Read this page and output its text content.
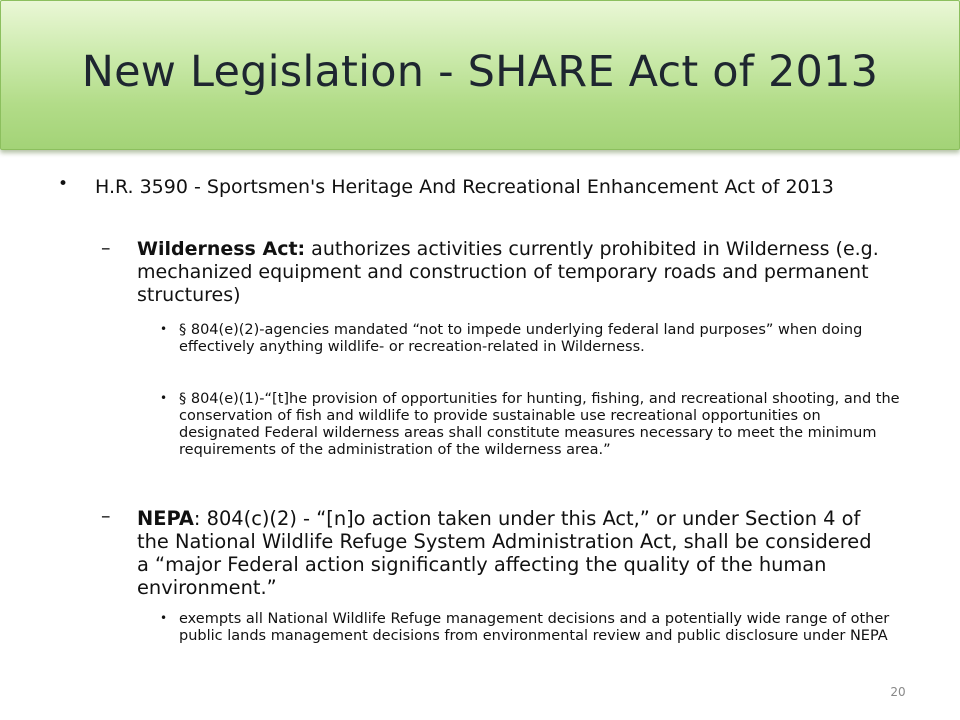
New Legislation - SHARE Act of 2013
• H.R. 3590 - Sportsmen's Heritage And Recreational Enhancement Act of 2013
– Wilderness Act: authorizes activities currently prohibited in Wilderness (e.g. mechanized equipment and construction of temporary roads and permanent structures)
• § 804(e)(2)-agencies mandated “not to impede underlying federal land purposes” when doing effectively anything wildlife- or recreation-related in Wilderness.
• § 804(e)(1)-“[t]he provision of opportunities for hunting, fishing, and recreational shooting, and the conservation of fish and wildlife to provide sustainable use recreational opportunities on designated Federal wilderness areas shall constitute measures necessary to meet the minimum requirements of the administration of the wilderness area.”
– NEPA: 804(c)(2) - “[n]o action taken under this Act,” or under Section 4 of the National Wildlife Refuge System Administration Act, shall be considered a “major Federal action significantly affecting the quality of the human environment.”
• exempts all National Wildlife Refuge management decisions and a potentially wide range of other public lands management decisions from environmental review and public disclosure under NEPA
20
